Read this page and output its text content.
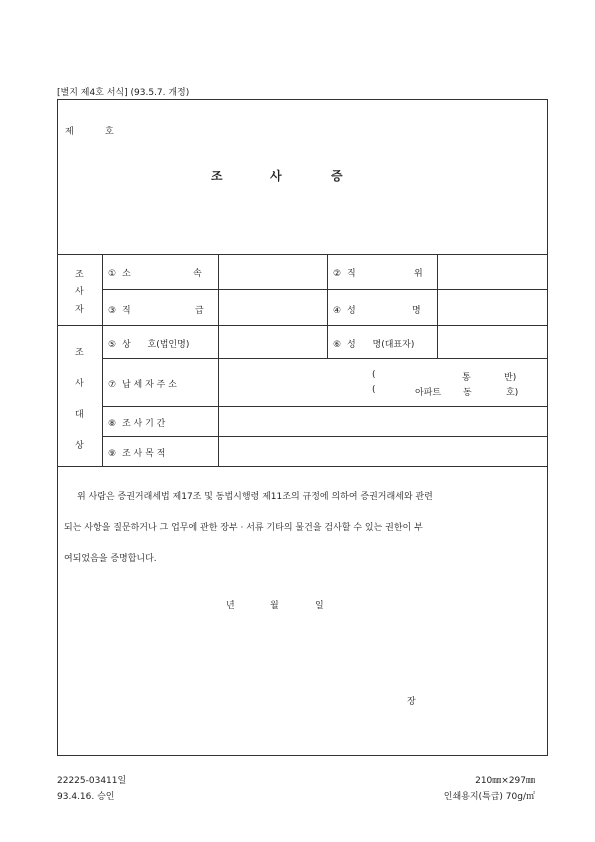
[별지 제4호 서식] (93.5.7. 개정)
제	호
조	사	증
조
사
자
① 소	속	② 직	위
③ 직	급	④ 성	명
조
사
대
상
⑤ 상 호(법인명)	⑥ 성 명(대표자)
⑦ 납 세 자 주 소
(	통	반)
(	아파트 동	호)
⑧ 조 사 기 간
⑨ 조 사 목 적
위 사람은 증권거래세법 제17조 및 동법시행령 제11조의 규정에 의하여 증권거래세와 관련
되는 사항을 질문하거나 그 업무에 관한 장부 · 서류 기타의 물건을 검사할 수 있는 권한이 부
여되었음을 증명합니다.
년	월	일
장
22225-03411일
93.4.16. 승인
210㎜×297㎜
인쇄용지(특급) 70g/㎡
